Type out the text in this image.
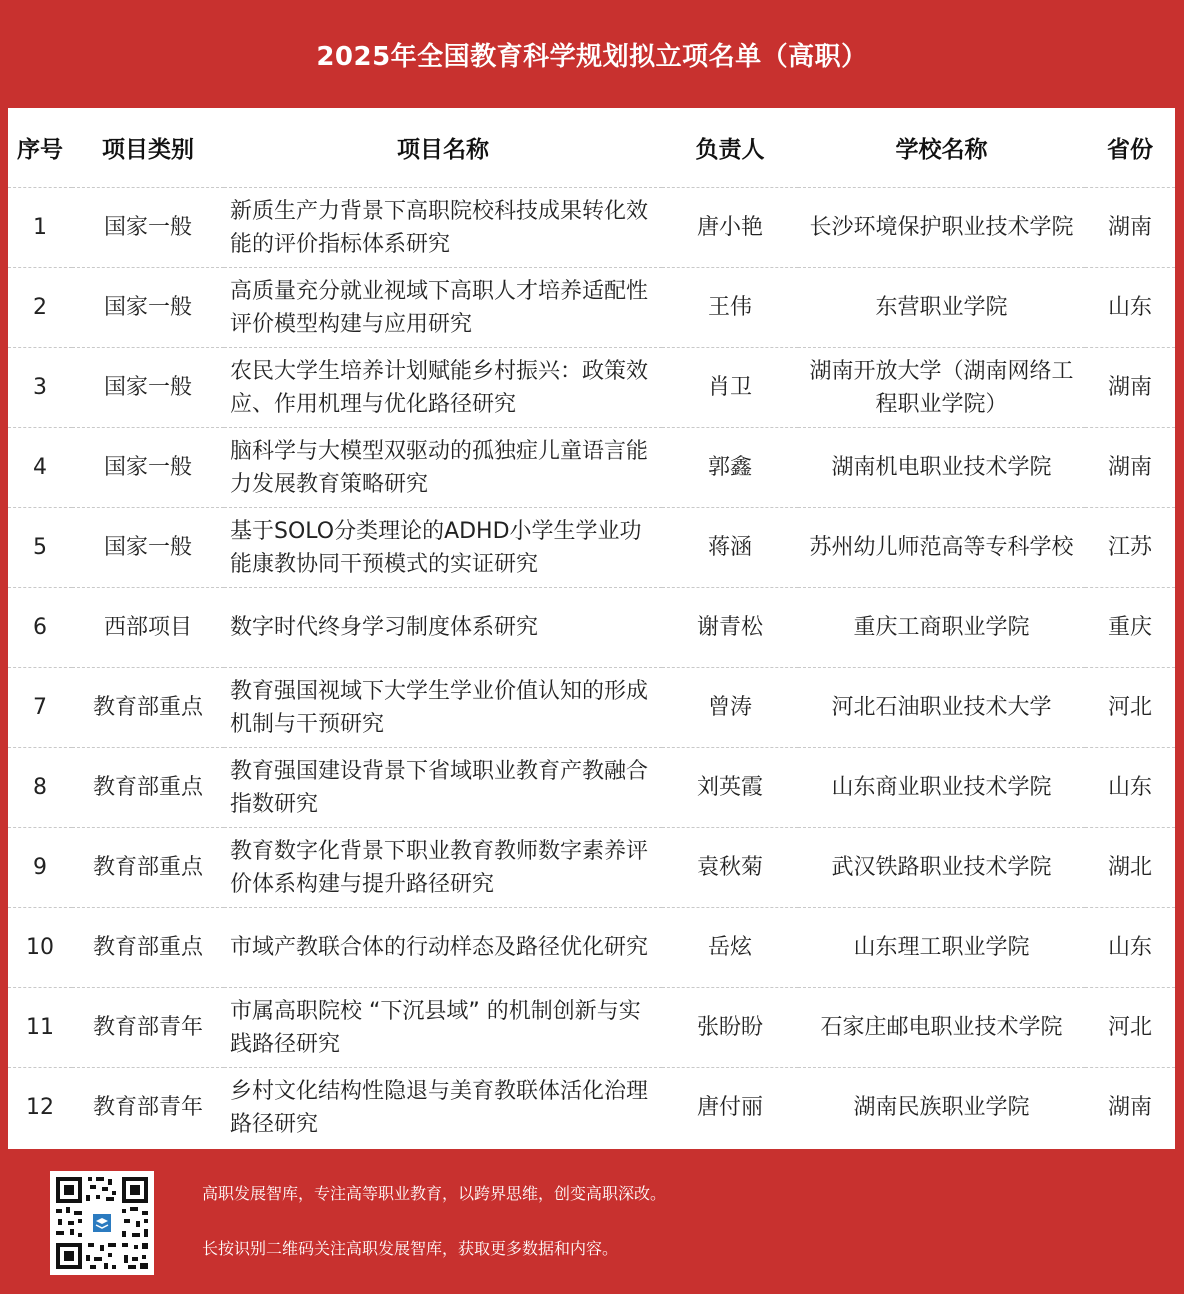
2025年全国教育科学规划拟立项名单（高职）
序号	项目类别	项目名称	负责人	学校名称	省份
1	国家一般	新质生产力背景下高职院校科技成果转化效能的评价指标体系研究	唐小艳	长沙环境保护职业技术学院	湖南
2	国家一般	高质量充分就业视域下高职人才培养适配性评价模型构建与应用研究	王伟	东营职业学院	山东
3	国家一般	农民大学生培养计划赋能乡村振兴：政策效应、作用机理与优化路径研究	肖卫	湖南开放大学（湖南网络工程职业学院）	湖南
4	国家一般	脑科学与大模型双驱动的孤独症儿童语言能力发展教育策略研究	郭鑫	湖南机电职业技术学院	湖南
5	国家一般	基于SOLO分类理论的ADHD小学生学业功能康教协同干预模式的实证研究	蒋涵	苏州幼儿师范高等专科学校	江苏
6	西部项目	数字时代终身学习制度体系研究	谢青松	重庆工商职业学院	重庆
7	教育部重点	教育强国视域下大学生学业价值认知的形成机制与干预研究	曾涛	河北石油职业技术大学	河北
8	教育部重点	教育强国建设背景下省域职业教育产教融合指数研究	刘英霞	山东商业职业技术学院	山东
9	教育部重点	教育数字化背景下职业教育教师数字素养评价体系构建与提升路径研究	袁秋菊	武汉铁路职业技术学院	湖北
10	教育部重点	市域产教联合体的行动样态及路径优化研究	岳炫	山东理工职业学院	山东
11	教育部青年	市属高职院校 “下沉县域” 的机制创新与实践路径研究	张盼盼	石家庄邮电职业技术学院	河北
12	教育部青年	乡村文化结构性隐退与美育教联体活化治理路径研究	唐付丽	湖南民族职业学院	湖南
高职发展智库，专注高等职业教育，以跨界思维，创变高职深改。
长按识别二维码关注高职发展智库，获取更多数据和内容。
